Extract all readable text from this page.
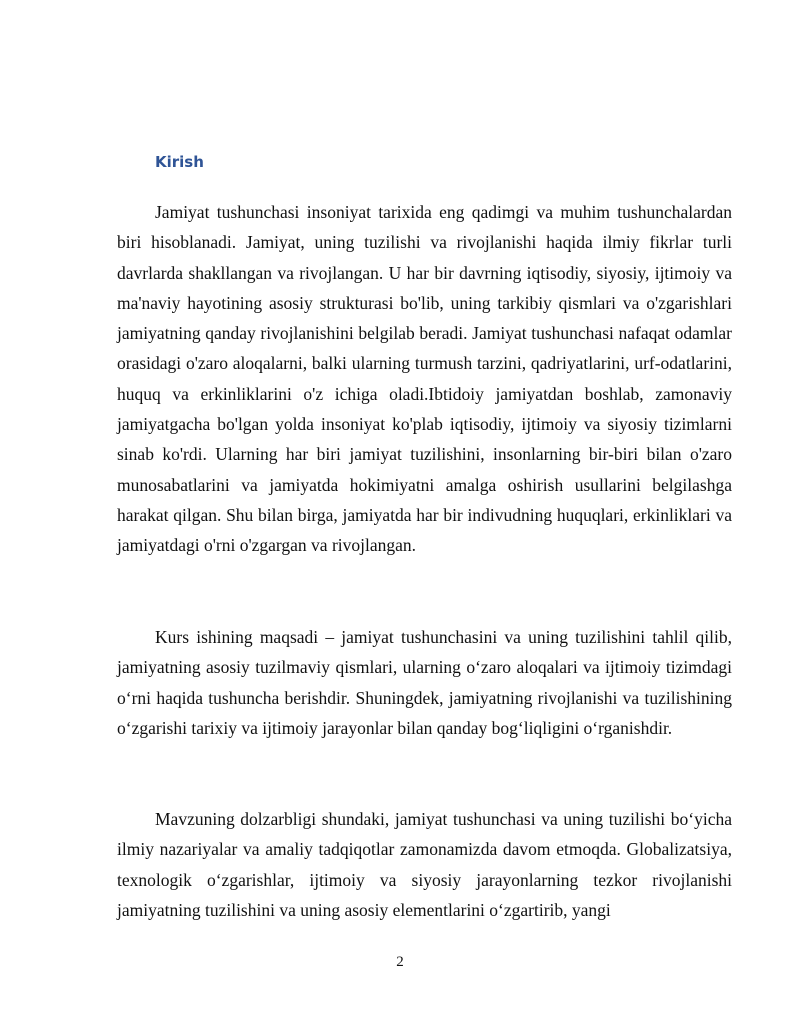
Kirish

Jamiyat tushunchasi insoniyat tarixida eng qadimgi va muhim tushunchalardan biri hisoblanadi. Jamiyat, uning tuzilishi va rivojlanishi haqida ilmiy fikrlar turli davrlarda shakllangan va rivojlangan. U har bir davrning iqtisodiy, siyosiy, ijtimoiy va ma'naviy hayotining asosiy strukturasi bo'lib, uning tarkibiy qismlari va o'zgarishlari jamiyatning qanday rivojlanishini belgilab beradi. Jamiyat tushunchasi nafaqat odamlar orasidagi o'zaro aloqalarni, balki ularning turmush tarzini, qadriyatlarini, urf-odatlarini, huquq va erkinliklarini o'z ichiga oladi.Ibtidoiy jamiyatdan boshlab, zamonaviy jamiyatgacha bo'lgan yolda insoniyat ko'plab iqtisodiy, ijtimoiy va siyosiy tizimlarni sinab ko'rdi. Ularning har biri jamiyat tuzilishini, insonlarning bir-biri bilan o'zaro munosabatlarini va jamiyatda hokimiyatni amalga oshirish usullarini belgilashga harakat qilgan. Shu bilan birga, jamiyatda har bir indivudning huquqlari, erkinliklari va jamiyatdagi o'rni o'zgargan va rivojlangan.

Kurs ishining maqsadi – jamiyat tushunchasini va uning tuzilishini tahlil qilib, jamiyatning asosiy tuzilmaviy qismlari, ularning o‘zaro aloqalari va ijtimoiy tizimdagi o‘rni haqida tushuncha berishdir. Shuningdek, jamiyatning rivojlanishi va tuzilishining o‘zgarishi tarixiy va ijtimoiy jarayonlar bilan qanday bog‘liqligini o‘rganishdir.

Mavzuning dolzarbligi shundaki, jamiyat tushunchasi va uning tuzilishi bo‘yicha ilmiy nazariyalar va amaliy tadqiqotlar zamonamizda davom etmoqda. Globalizatsiya, texnologik o‘zgarishlar, ijtimoiy va siyosiy jarayonlarning tezkor rivojlanishi jamiyatning tuzilishini va uning asosiy elementlarini o‘zgartirib, yangi

2
